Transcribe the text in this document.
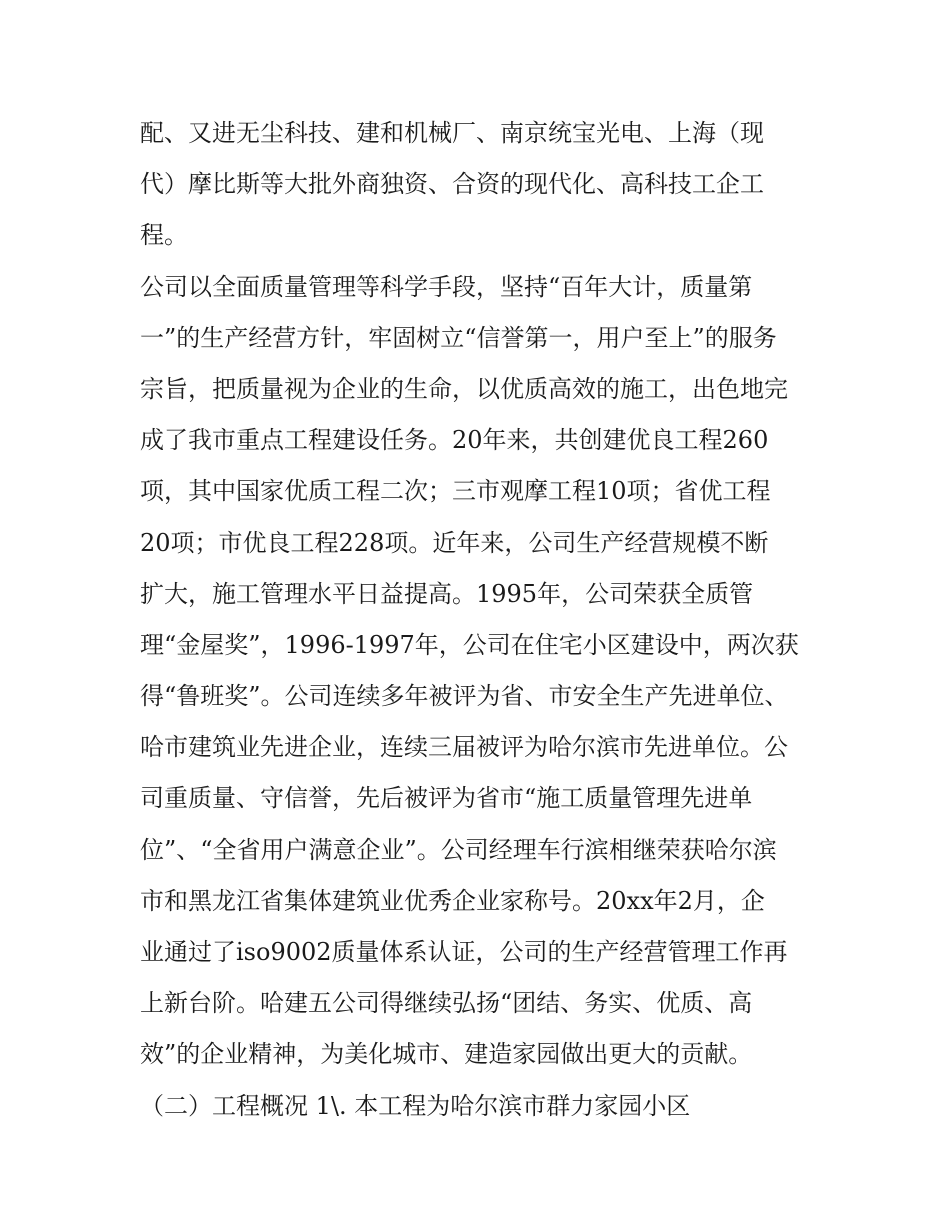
配、又进无尘科技、建和机械厂、南京统宝光电、上海（现
代）摩比斯等大批外商独资、合资的现代化、高科技工企工
程。
公司以全面质量管理等科学手段，坚持“百年大计，质量第
一”的生产经营方针，牢固树立“信誉第一，用户至上”的服务
宗旨，把质量视为企业的生命，以优质高效的施工，出色地完
成了我市重点工程建设任务。20年来，共创建优良工程260
项，其中国家优质工程二次；三市观摩工程10项；省优工程
20项；市优良工程228项。近年来，公司生产经营规模不断
扩大，施工管理水平日益提高。1995年，公司荣获全质管
理“金屋奖”，1996-1997年，公司在住宅小区建设中，两次获
得“鲁班奖”。公司连续多年被评为省、市安全生产先进单位、
哈市建筑业先进企业，连续三届被评为哈尔滨市先进单位。公
司重质量、守信誉，先后被评为省市“施工质量管理先进单
位”、“全省用户满意企业”。公司经理车行滨相继荣获哈尔滨
市和黑龙江省集体建筑业优秀企业家称号。20xx年2月，企
业通过了iso9002质量体系认证，公司的生产经营管理工作再
上新台阶。哈建五公司得继续弘扬“团结、务实、优质、高
效”的企业精神，为美化城市、建造家园做出更大的贡献。
（二）工程概况 1\. 本工程为哈尔滨市群力家园小区
